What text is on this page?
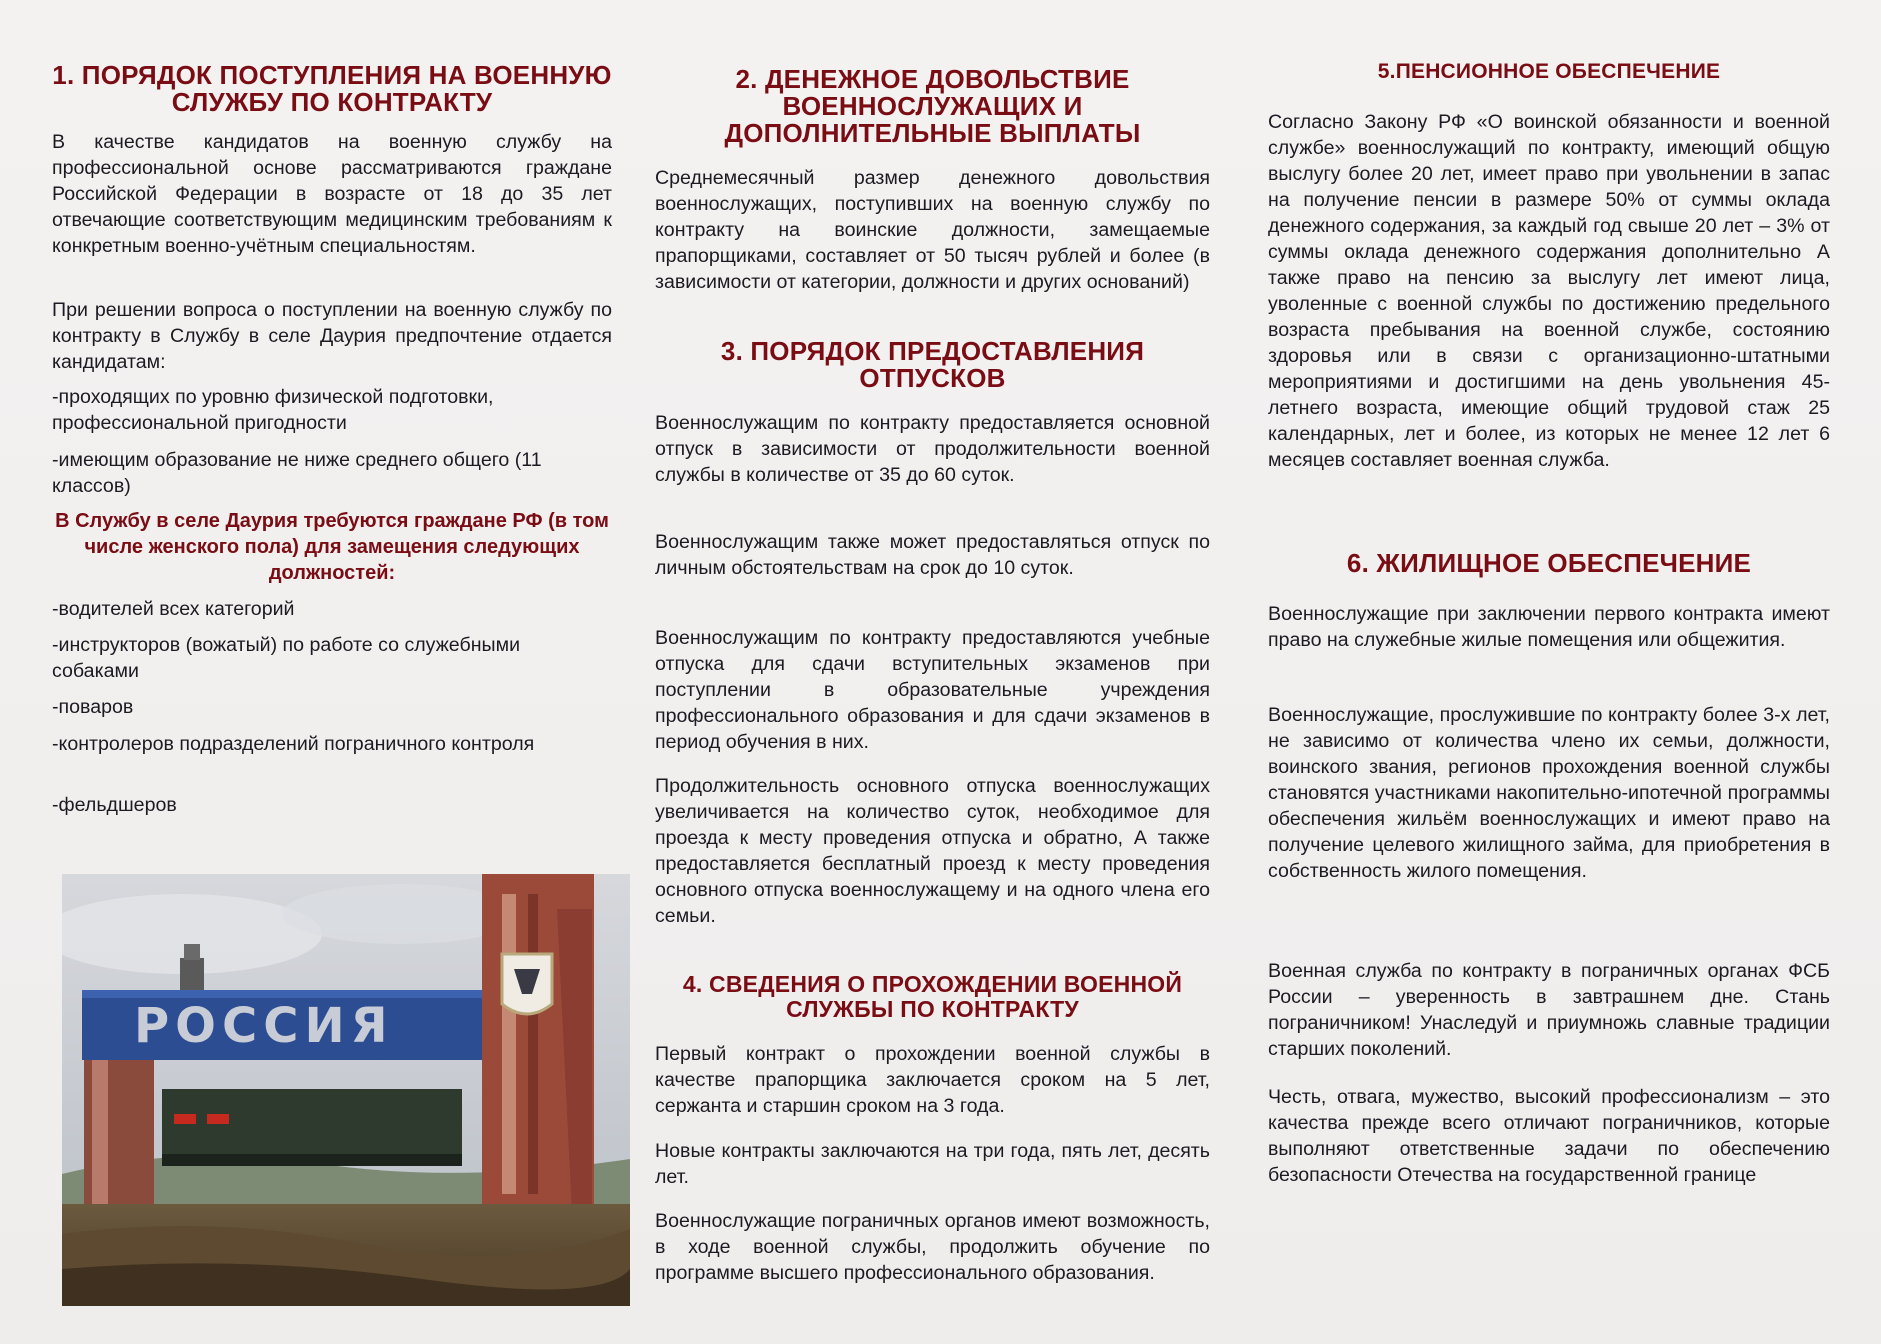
1. ПОРЯДОК ПОСТУПЛЕНИЯ НА ВОЕННУЮ СЛУЖБУ ПО КОНТРАКТУ

В качестве кандидатов на военную службу на профессиональной основе рассматриваются граждане Российской Федерации в возрасте от 18 до 35 лет отвечающие соответствующим медицинским требованиям к конкретным военно-учётным специальностям.

При решении вопроса о поступлении на военную службу по контракту в Службу в селе Даурия предпочтение отдается кандидатам:

-проходящих по уровню физической подготовки, профессиональной пригодности

-имеющим образование не ниже среднего общего (11 классов)

В Службу в селе Даурия требуются граждане РФ (в том числе женского пола) для замещения следующих должностей:

-водителей всех категорий

-инструкторов (вожатый) по работе со служебными собаками

-поваров

-контролеров подразделений пограничного контроля

-фельдшеров

РОССИЯ
2. ДЕНЕЖНОЕ ДОВОЛЬСТВИЕ ВОЕННОСЛУЖАЩИХ И ДОПОЛНИТЕЛЬНЫЕ ВЫПЛАТЫ

Среднемесячный размер денежного довольствия военнослужащих, поступивших на военную службу по контракту на воинские должности, замещаемые прапорщиками, составляет от 50 тысяч рублей и более (в зависимости от категории, должности и других оснований)

3. ПОРЯДОК ПРЕДОСТАВЛЕНИЯ ОТПУСКОВ

Военнослужащим по контракту предоставляется основной отпуск в зависимости от продолжительности военной службы в количестве от 35 до 60 суток.

Военнослужащим также может предоставляться отпуск по личным обстоятельствам на срок до 10 суток.

Военнослужащим по контракту предоставляются учебные отпуска для сдачи вступительных экзаменов при поступлении в образовательные учреждения профессионального образования и для сдачи экзаменов в период обучения в них.

Продолжительность основного отпуска военнослужащих увеличивается на количество суток, необходимое для проезда к месту проведения отпуска и обратно, А также предоставляется бесплатный проезд к месту проведения основного отпуска военнослужащему и на одного члена его семьи.

4. СВЕДЕНИЯ О ПРОХОЖДЕНИИ ВОЕННОЙ СЛУЖБЫ ПО КОНТРАКТУ

Первый контракт о прохождении военной службы в качестве прапорщика заключается сроком на 5 лет, сержанта и старшин сроком на 3 года.

Новые контракты заключаются на три года, пять лет, десять лет.

Военнослужащие пограничных органов имеют возможность, в ходе военной службы, продолжить обучение по программе высшего профессионального образования.

5.ПЕНСИОННОЕ ОБЕСПЕЧЕНИЕ

Согласно Закону РФ «О воинской обязанности и военной службе» военнослужащий по контракту, имеющий общую выслугу более 20 лет, имеет право при увольнении в запас на получение пенсии в размере 50% от суммы оклада денежного содержания, за каждый год свыше 20 лет – 3% от суммы оклада денежного содержания дополнительно А также право на пенсию за выслугу лет имеют лица, уволенные с военной службы по достижению предельного возраста пребывания на военной службе, состоянию здоровья или в связи с организационно-штатными мероприятиями и достигшими на день увольнения 45-летнего возраста, имеющие общий трудовой стаж 25 календарных, лет и более, из которых не менее 12 лет 6 месяцев составляет военная служба.

6. ЖИЛИЩНОЕ ОБЕСПЕЧЕНИЕ

Военнослужащие при заключении первого контракта имеют право на служебные жилые помещения или общежития.

Военнослужащие, прослужившие по контракту более 3-х лет, не зависимо от количества члено их семьи, должности, воинского звания, регионов прохождения военной службы становятся участниками накопительно-ипотечной программы обеспечения жильём военнослужащих и имеют право на получение целевого жилищного займа, для приобретения в собственность жилого помещения.

Военная служба по контракту в пограничных органах ФСБ России – уверенность в завтрашнем дне. Стань пограничником! Унаследуй и приумножь славные традиции старших поколений.

Честь, отвага, мужество, высокий профессионализм – это качества прежде всего отличают пограничников, которые выполняют ответственные задачи по обеспечению безопасности Отечества на государственной границе
